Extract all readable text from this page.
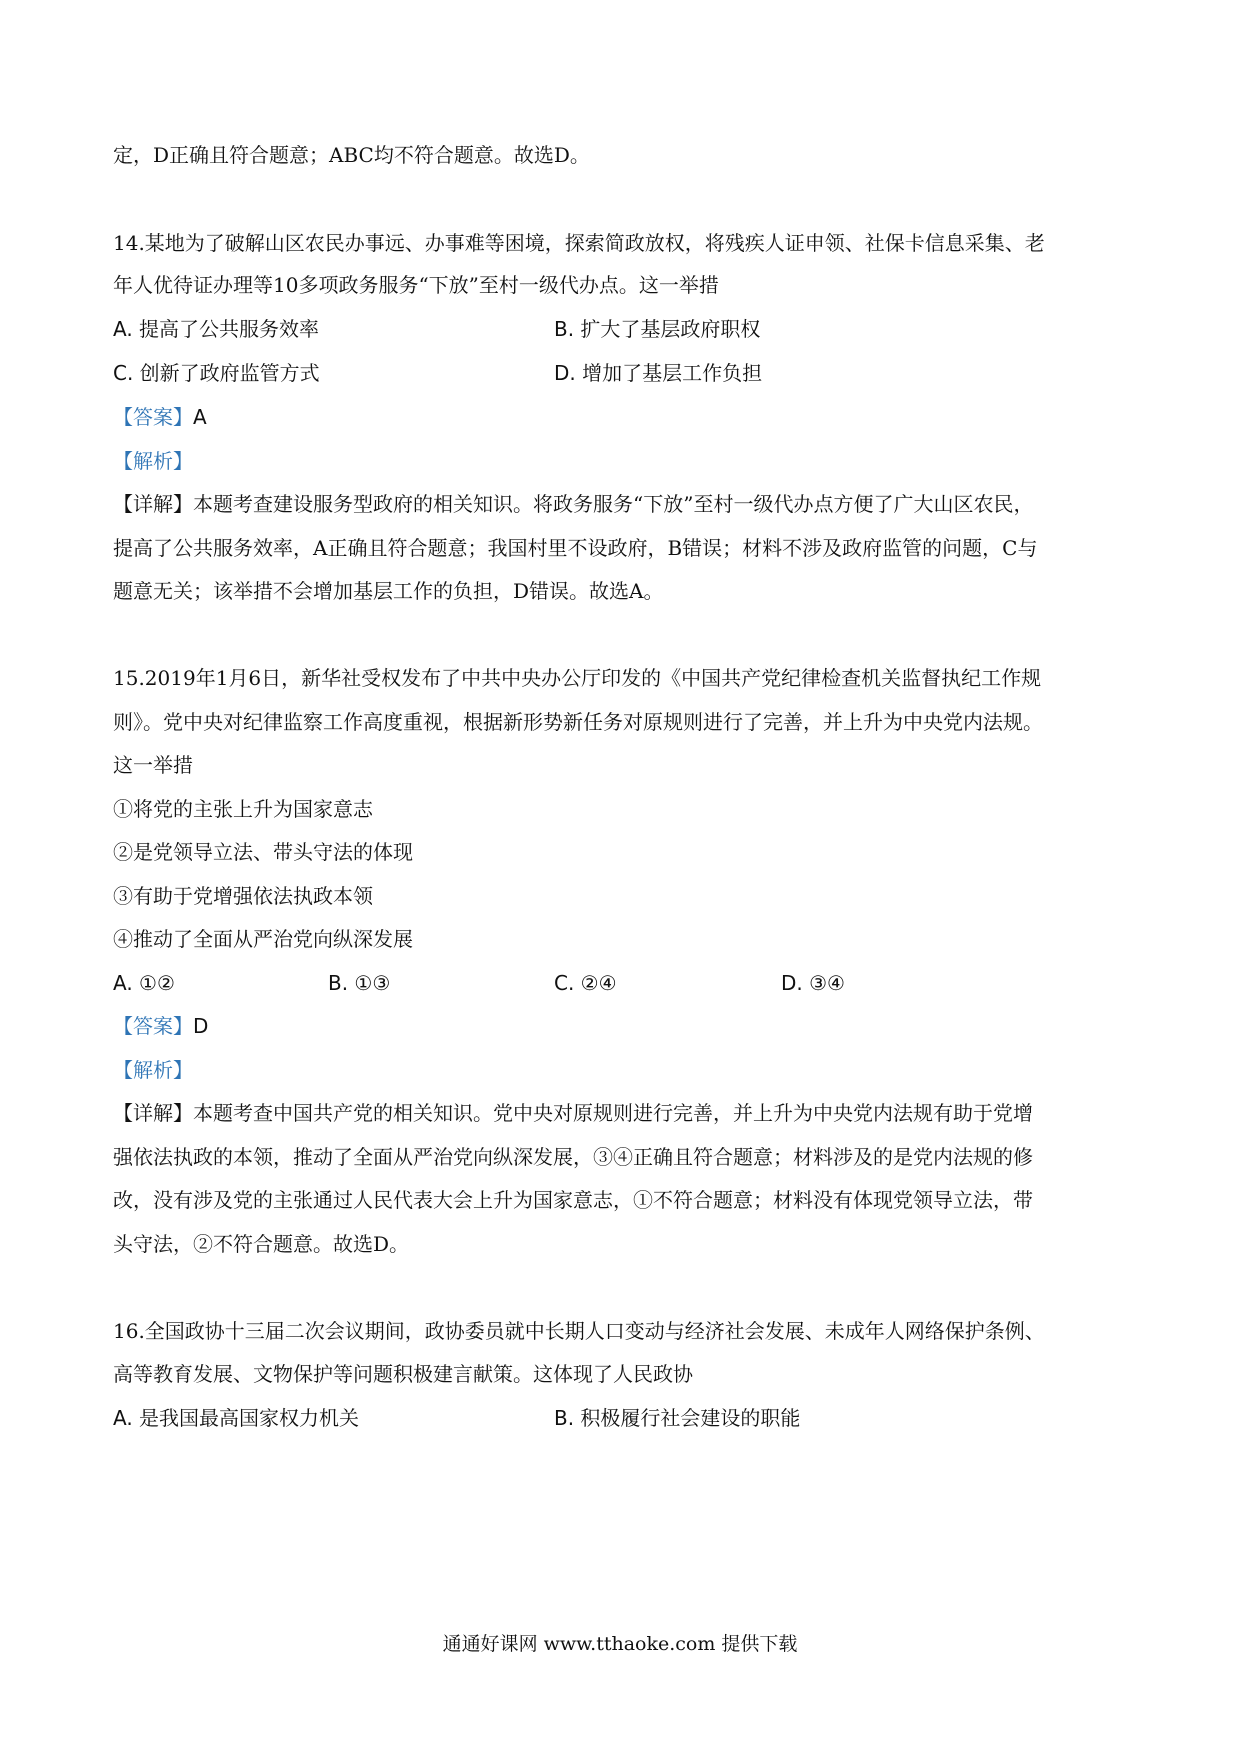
定，D正确且符合题意；ABC均不符合题意。故选D。
14.某地为了破解山区农民办事远、办事难等困境，探索简政放权，将残疾人证申领、社保卡信息采集、老
年人优待证办理等10多项政务服务“下放”至村一级代办点。这一举措
A. 提高了公共服务效率	B. 扩大了基层政府职权
C. 创新了政府监管方式	D. 增加了基层工作负担
【答案】A
【解析】
【详解】本题考查建设服务型政府的相关知识。将政务服务“下放”至村一级代办点方便了广大山区农民，
提高了公共服务效率，A正确且符合题意；我国村里不设政府，B错误；材料不涉及政府监管的问题，C与
题意无关；该举措不会增加基层工作的负担，D错误。故选A。
15.2019年1月6日，新华社受权发布了中共中央办公厅印发的《中国共产党纪律检查机关监督执纪工作规
则》。党中央对纪律监察工作高度重视，根据新形势新任务对原规则进行了完善，并上升为中央党内法规。
这一举措
①将党的主张上升为国家意志
②是党领导立法、带头守法的体现
③有助于党增强依法执政本领
④推动了全面从严治党向纵深发展
A. ①②	B. ①③	C. ②④	D. ③④
【答案】D
【解析】
【详解】本题考查中国共产党的相关知识。党中央对原规则进行完善，并上升为中央党内法规有助于党增
强依法执政的本领，推动了全面从严治党向纵深发展，③④正确且符合题意；材料涉及的是党内法规的修
改，没有涉及党的主张通过人民代表大会上升为国家意志，①不符合题意；材料没有体现党领导立法，带
头守法，②不符合题意。故选D。
16.全国政协十三届二次会议期间，政协委员就中长期人口变动与经济社会发展、未成年人网络保护条例、
高等教育发展、文物保护等问题积极建言献策。这体现了人民政协
A. 是我国最高国家权力机关	B. 积极履行社会建设的职能
通通好课网 www.tthaoke.com 提供下载
